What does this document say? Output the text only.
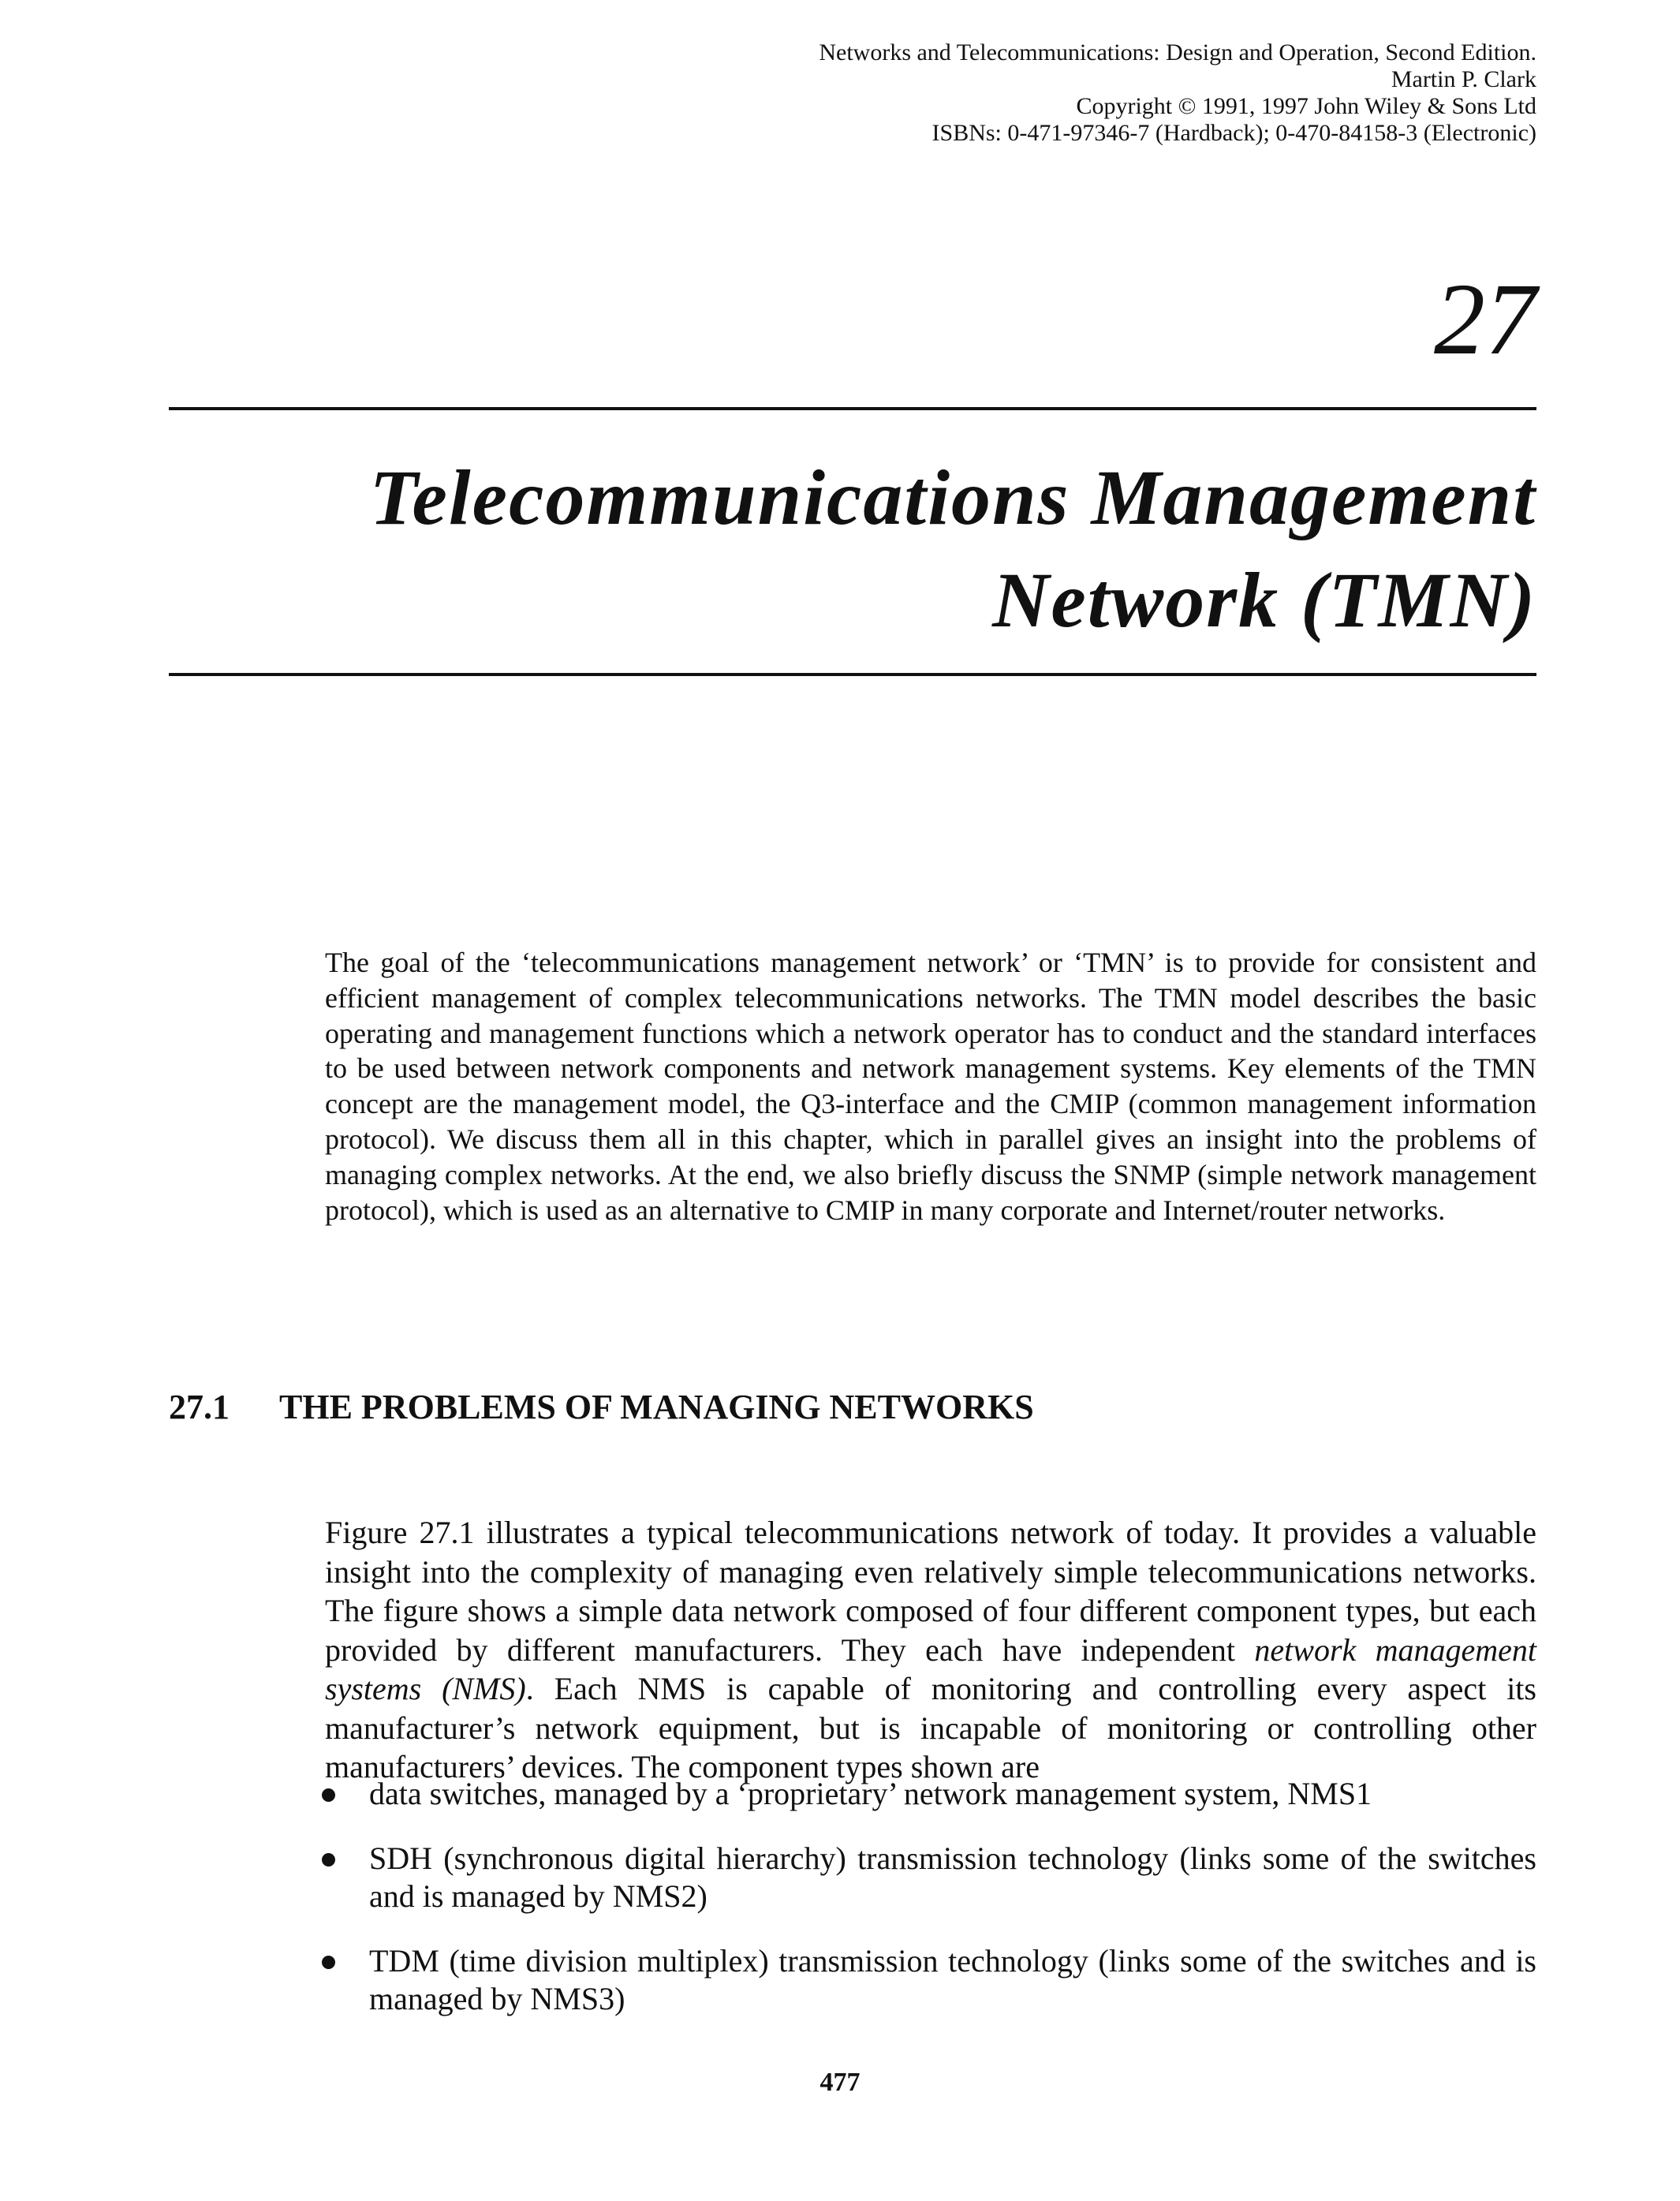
Networks and Telecommunications: Design and Operation, Second Edition.
Martin P. Clark
Copyright © 1991, 1997 John Wiley & Sons Ltd
ISBNs: 0-471-97346-7 (Hardback); 0-470-84158-3 (Electronic)
27
Telecommunications Management
Network (TMN)
The goal of the ‘telecommunications management network’ or ‘TMN’ is to provide for consistent and efficient management of complex telecommunications networks. The TMN model describes the basic operating and management functions which a network operator has to conduct and the standard interfaces to be used between network components and network management systems. Key elements of the TMN concept are the management model, the Q3-interface and the CMIP (common management information protocol). We discuss them all in this chapter, which in parallel gives an insight into the problems of managing complex networks. At the end, we also briefly discuss the SNMP (simple network management protocol), which is used as an alternative to CMIP in many corporate and Internet/router networks.
27.1 THE PROBLEMS OF MANAGING NETWORKS

Figure 27.1 illustrates a typical telecommunications network of today. It provides a valuable insight into the complexity of managing even relatively simple telecommunications networks. The figure shows a simple data network composed of four different component types, but each provided by different manufacturers. They each have independent network management systems (NMS). Each NMS is capable of monitoring and controlling every aspect its manufacturer’s network equipment, but is incapable of monitoring or controlling other manufacturers’ devices. The component types shown are

data switches, managed by a ‘proprietary’ network management system, NMS1
SDH (synchronous digital hierarchy) transmission technology (links some of the switches and is managed by NMS2)
TDM (time division multiplex) transmission technology (links some of the switches and is managed by NMS3)
477
